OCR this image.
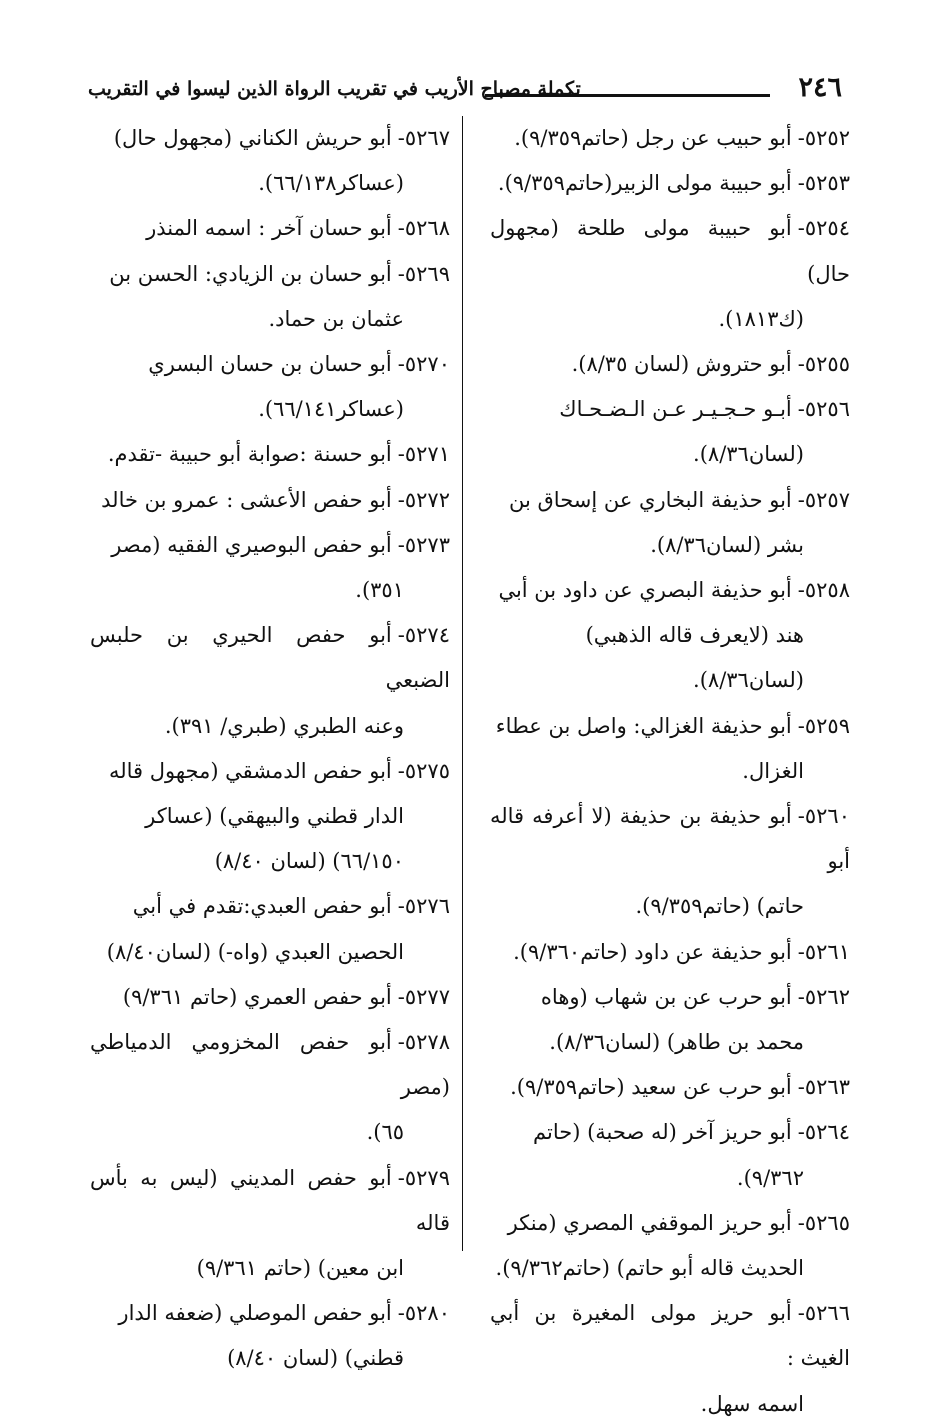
٢٤٦
تكملة مصباح الأريب في تقريب الرواة الذين ليسوا في التقريب

٥٢٥٢-أبو حبيب عن رجل (حاتم٩/٣٥٩).

٥٢٥٣-أبو حبيبة مولى الزبير(حاتم٩/٣٥٩).

٥٢٥٤-أبو حبيبة مولى طلحة (مجهول حال)
(ك١٨١٣).

٥٢٥٥-أبو حتروش (لسان ٨/٣٥).

٥٢٥٦-أبـو حـجـيـر عـن الـضـحـاك
(لسان٨/٣٦).

٥٢٥٧-أبو حذيفة البخاري عن إسحاق بن
بشر (لسان٨/٣٦).

٥٢٥٨-أبو حذيفة البصري عن داود بن أبي
هند (لايعرف قاله الذهبي) (لسان٨/٣٦).

٥٢٥٩-أبو حذيفة الغزالي: واصل بن عطاء
الغزال.

٥٢٦٠-أبو حذيفة بن حذيفة (لا أعرفه قاله أبو
حاتم) (حاتم٩/٣٥٩).

٥٢٦١-أبو حذيفة عن داود (حاتم٩/٣٦٠).

٥٢٦٢-أبو حرب عن بن شهاب (وهاه
محمد بن طاهر) (لسان٨/٣٦).

٥٢٦٣-أبو حرب عن سعيد (حاتم٩/٣٥٩).

٥٢٦٤-أبو حريز آخر (له صحبة) (حاتم
٩/٣٦٢).

٥٢٦٥-أبو حريز الموقفي المصري (منكر
الحديث قاله أبو حاتم) (حاتم٩/٣٦٢).

٥٢٦٦-أبو حريز مولى المغيرة بن أبي الغيث :
اسمه سهل.

٥٢٦٧-أبو حريش الكناني (مجهول حال)
(عساكر٦٦/١٣٨).

٥٢٦٨-أبو حسان آخر : اسمه المنذر

٥٢٦٩-أبو حسان بن الزيادي: الحسن بن
عثمان بن حماد.

٥٢٧٠-أبو حسان بن حسان البسري
(عساكر٦٦/١٤١).

٥٢٧١-أبو حسنة :صوابة أبو حبيبة -تقدم.

٥٢٧٢-أبو حفص الأعشى : عمرو بن خالد

٥٢٧٣-أبو حفص البوصيري الفقيه (مصر
٣٥١).

٥٢٧٤-أبو حفص الحيري بن حلبس الضبعي
وعنه الطبري (طبري/ ٣٩١).

٥٢٧٥-أبو حفص الدمشقي (مجهول قاله
الدار قطني والبيهقي) (عساكر ٦٦/١٥٠) (لسان ٨/٤٠)

٥٢٧٦-أبو حفص العبدي:تقدم في أبي
الحصين العبدي (واه-) (لسان٨/٤٠)

٥٢٧٧-أبو حفص العمري (حاتم ٩/٣٦١)

٥٢٧٨-أبو حفص المخزومي الدمياطي (مصر
٦٥).

٥٢٧٩-أبو حفص المديني (ليس به بأس قاله
ابن معين) (حاتم ٩/٣٦١)

٥٢٨٠-أبو حفص الموصلي (ضعفه الدار
قطني) (لسان ٨/٤٠)
